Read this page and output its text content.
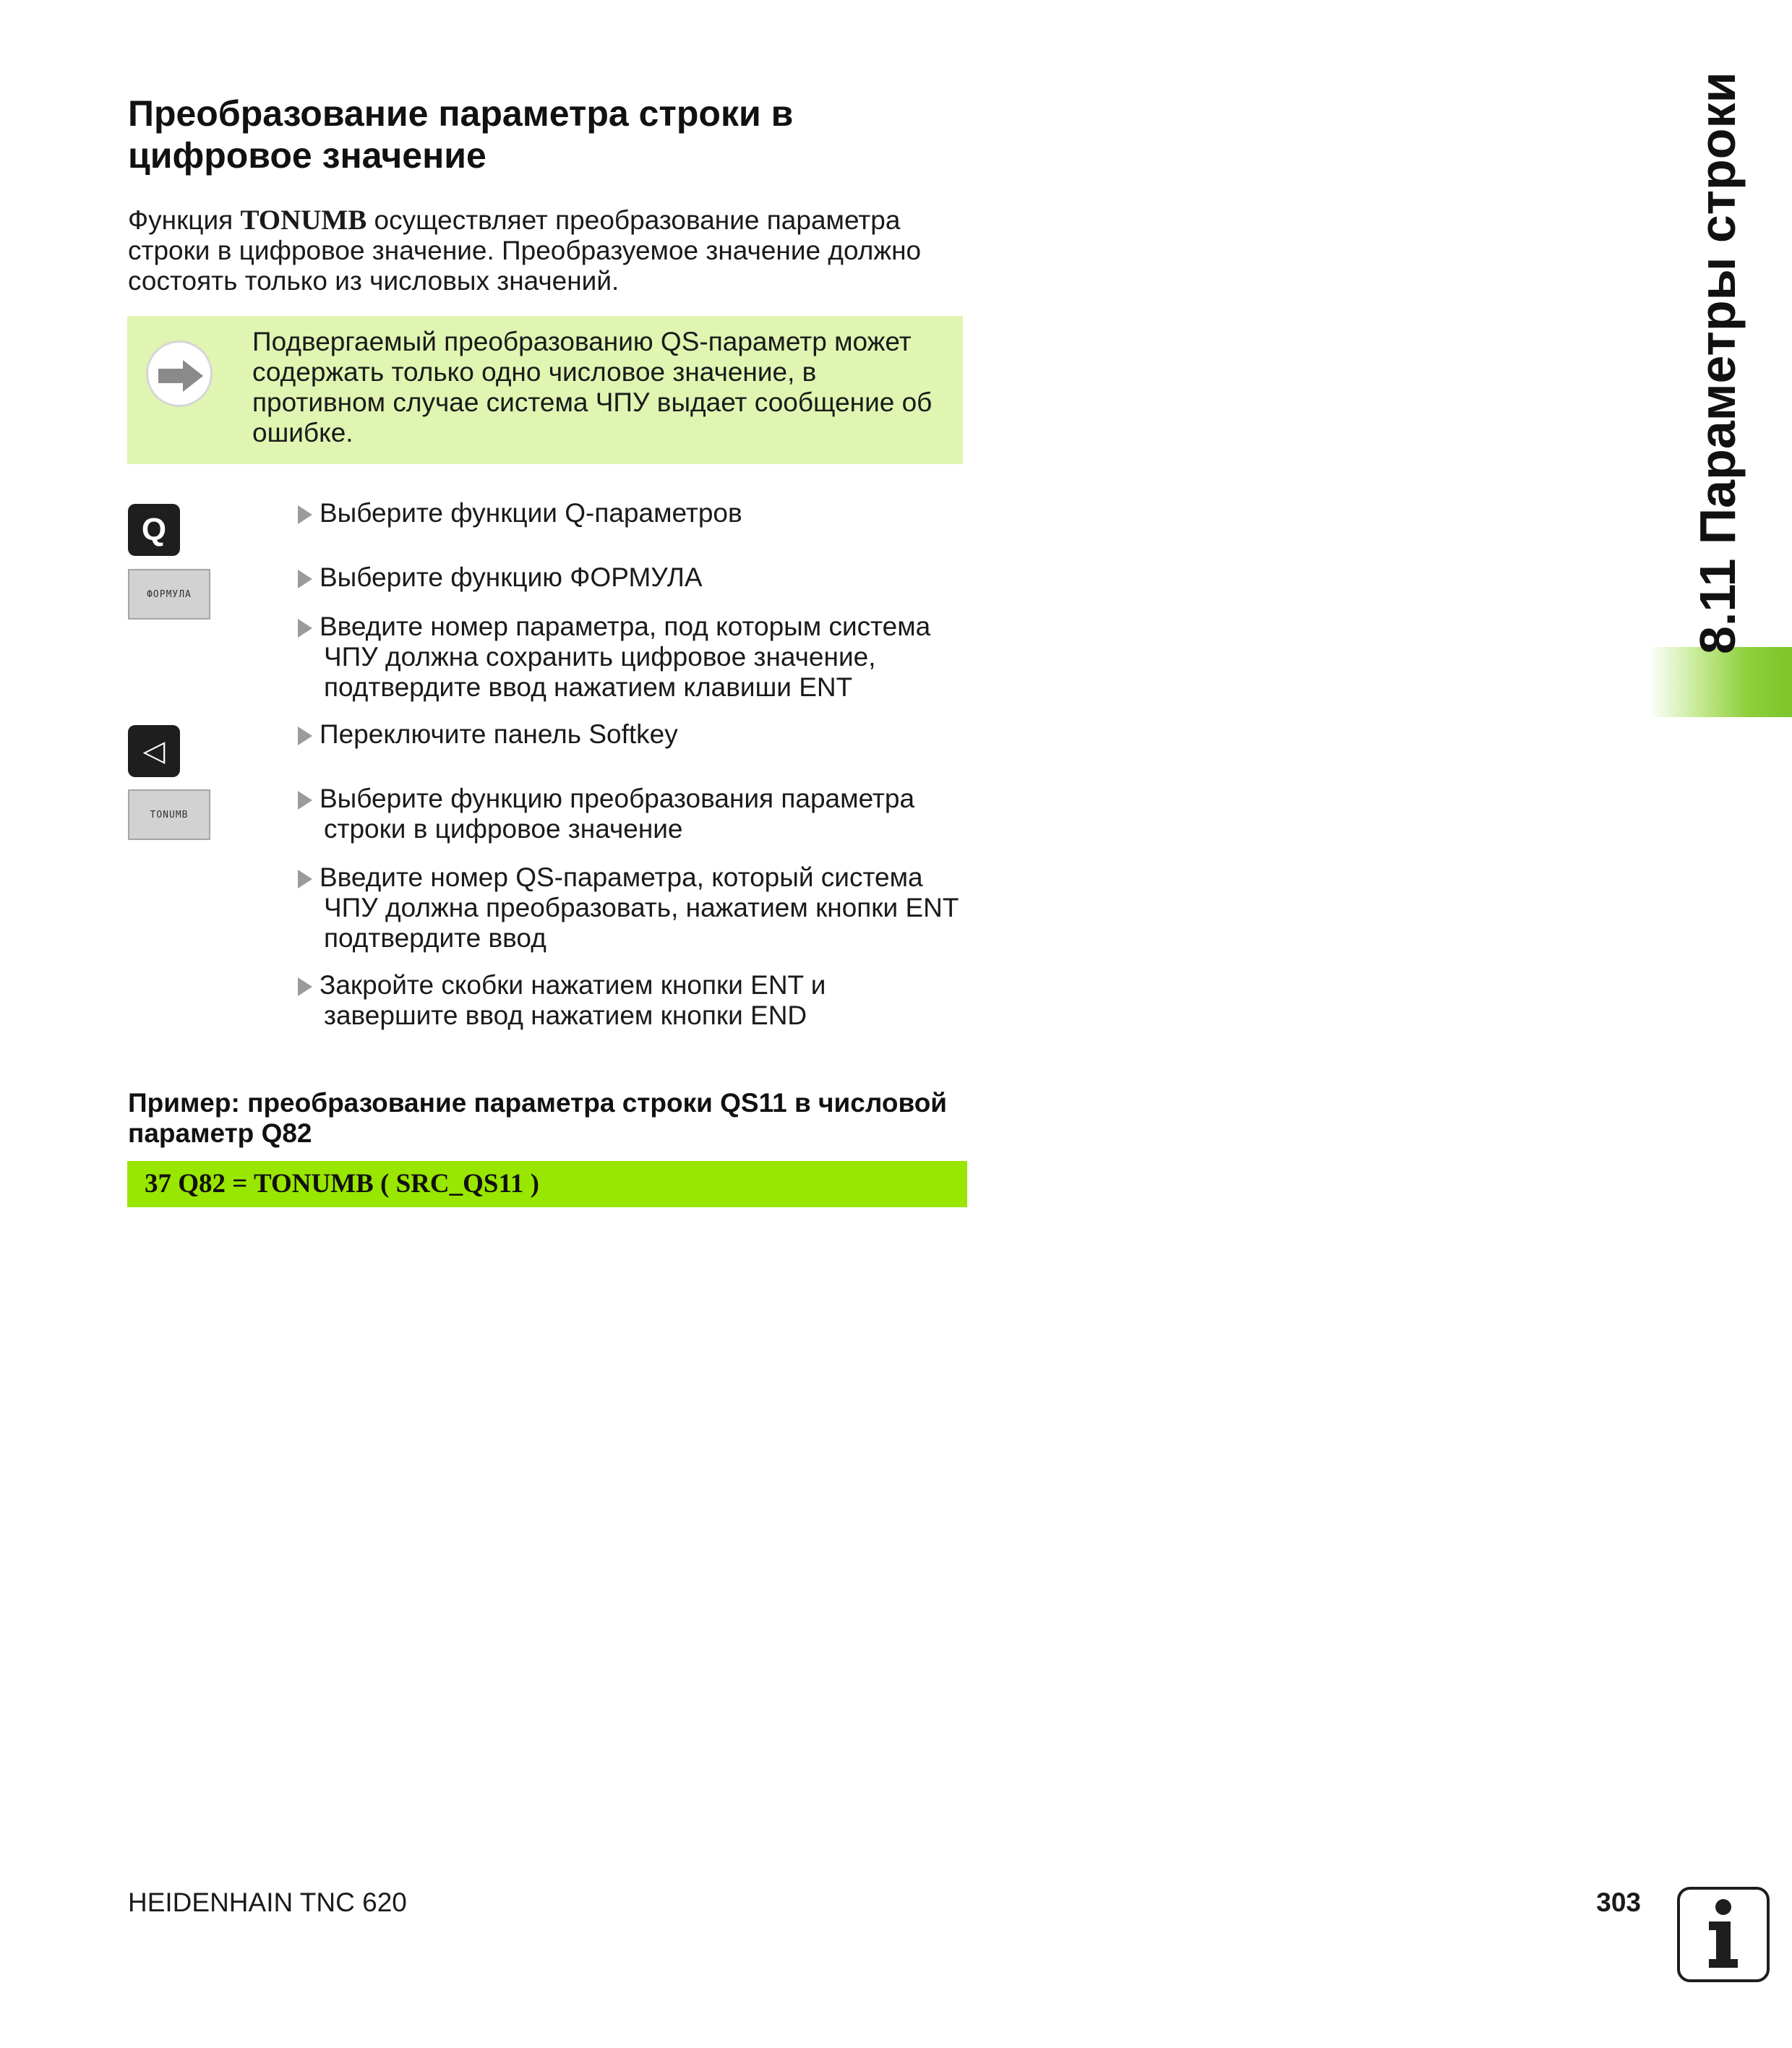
Преобразование параметра строки в
цифровое значение
Функция TONUMB осуществляет преобразование параметра
строки в цифровое значение. Преобразуемое значение должно
состоять только из числовых значений.
Подвергаемый преобразованию QS-параметр может
содержать только одно числовое значение, в
противном случае система ЧПУ выдает сообщение об
ошибке.
Q
ФОРМУЛА
◁
TONUMB
Выберите функции Q-параметров
Выберите функцию ФОРМУЛА
Введите номер параметра, под которым система
ЧПУ должна сохранить цифровое значение,
подтвердите ввод нажатием клавиши ENT
Переключите панель Softkey
Выберите функцию преобразования параметра
строки в цифровое значение
Введите номер QS-параметра, который система
ЧПУ должна преобразовать, нажатием кнопки ENT
подтвердите ввод
Закройте скобки нажатием кнопки ENT и
завершите ввод нажатием кнопки END
Пример: преобразование параметра строки QS11 в числовой
параметр Q82
37 Q82 = TONUMB ( SRC_QS11 )
8.11 Параметры строки
HEIDENHAIN TNC 620	303
